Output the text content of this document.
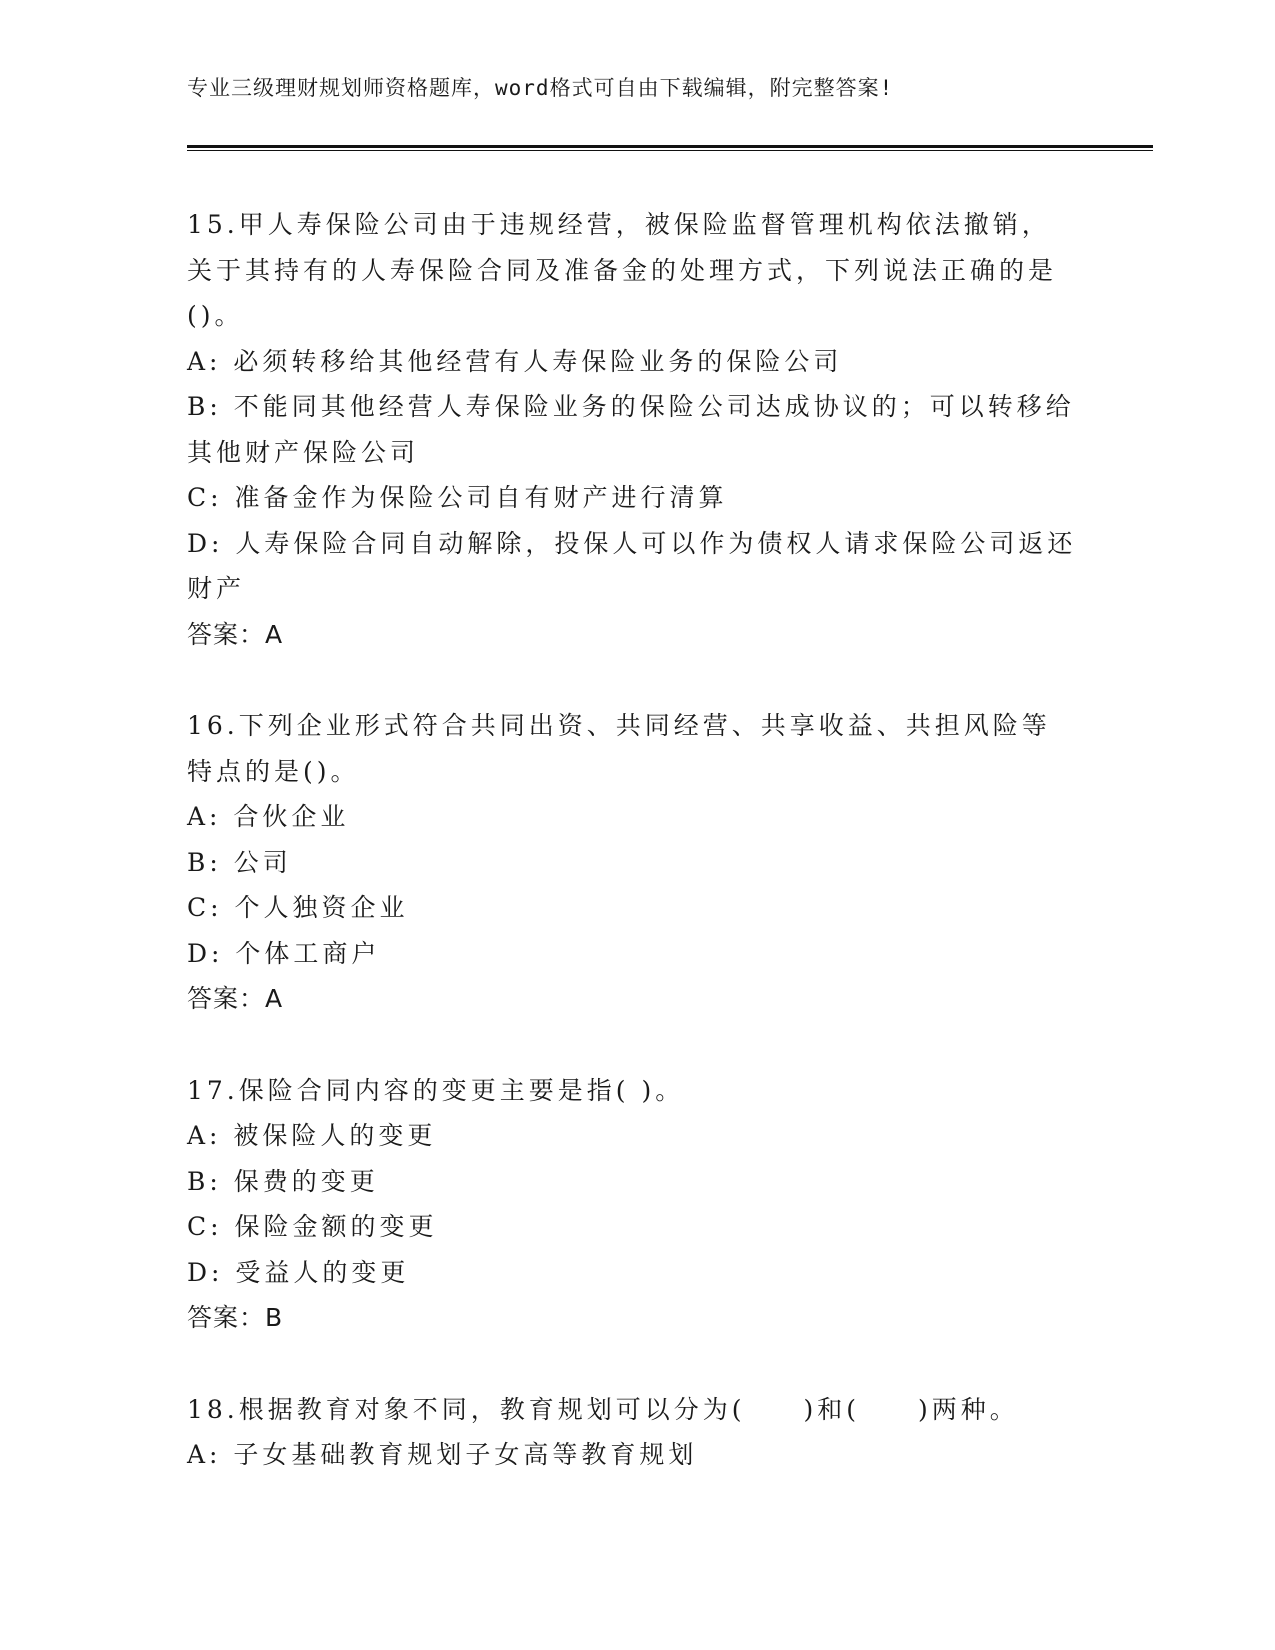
专业三级理财规划师资格题库，word格式可自由下载编辑，附完整答案!
15.甲人寿保险公司由于违规经营，被保险监督管理机构依法撤销，关于其持有的人寿保险合同及准备金的处理方式，下列说法正确的是()。
A: 必须转移给其他经营有人寿保险业务的保险公司
B: 不能同其他经营人寿保险业务的保险公司达成协议的；可以转移给其他财产保险公司
C: 准备金作为保险公司自有财产进行清算
D: 人寿保险合同自动解除，投保人可以作为债权人请求保险公司返还财产
答案：A
16.下列企业形式符合共同出资、共同经营、共享收益、共担风险等特点的是()。
A: 合伙企业
B: 公司
C: 个人独资企业
D: 个体工商户
答案：A
17.保险合同内容的变更主要是指( )。
A: 被保险人的变更
B: 保费的变更
C: 保险金额的变更
D: 受益人的变更
答案：B
18.根据教育对象不同，教育规划可以分为(　　)和(　　)两种。
A: 子女基础教育规划子女高等教育规划
